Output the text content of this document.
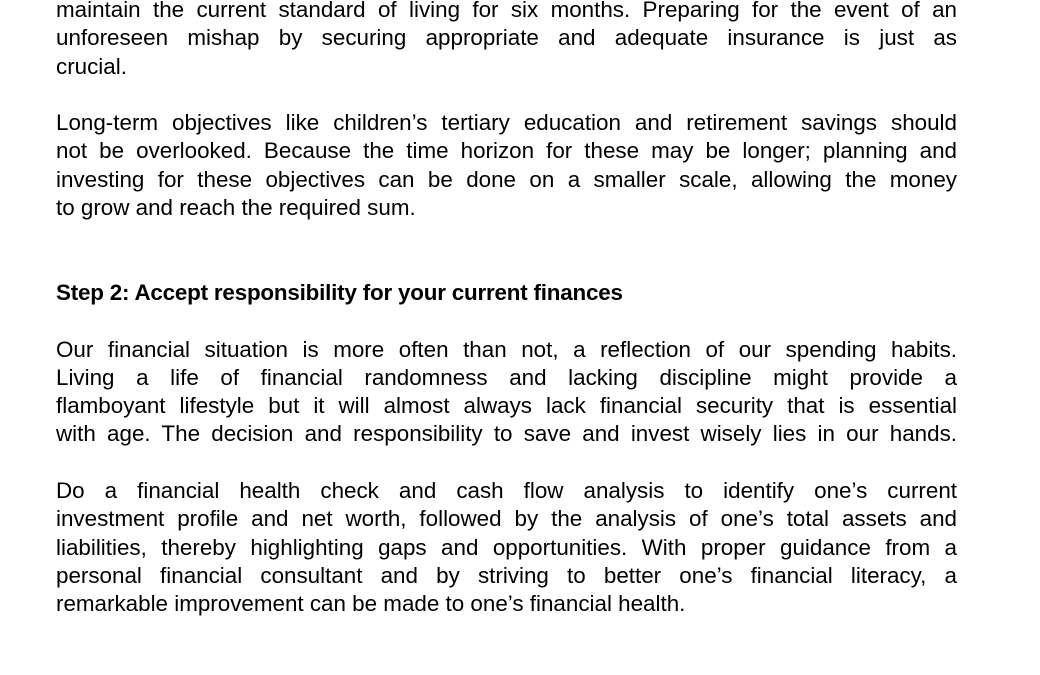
maintain the current standard of living for six months. Preparing for the event of an
unforeseen mishap by securing appropriate and adequate insurance is just as
crucial.

Long-term objectives like children’s tertiary education and retirement savings should
not be overlooked. Because the time horizon for these may be longer; planning and
investing for these objectives can be done on a smaller scale, allowing the money
to grow and reach the required sum.

Step 2: Accept responsibility for your current finances

Our financial situation is more often than not, a reflection of our spending habits.
Living a life of financial randomness and lacking discipline might provide a
flamboyant lifestyle but it will almost always lack financial security that is essential
with age. The decision and responsibility to save and invest wisely lies in our hands.

Do a financial health check and cash flow analysis to identify one’s current
investment profile and net worth, followed by the analysis of one’s total assets and
liabilities, thereby highlighting gaps and opportunities. With proper guidance from a
personal financial consultant and by striving to better one’s financial literacy, a
remarkable improvement can be made to one’s financial health.
